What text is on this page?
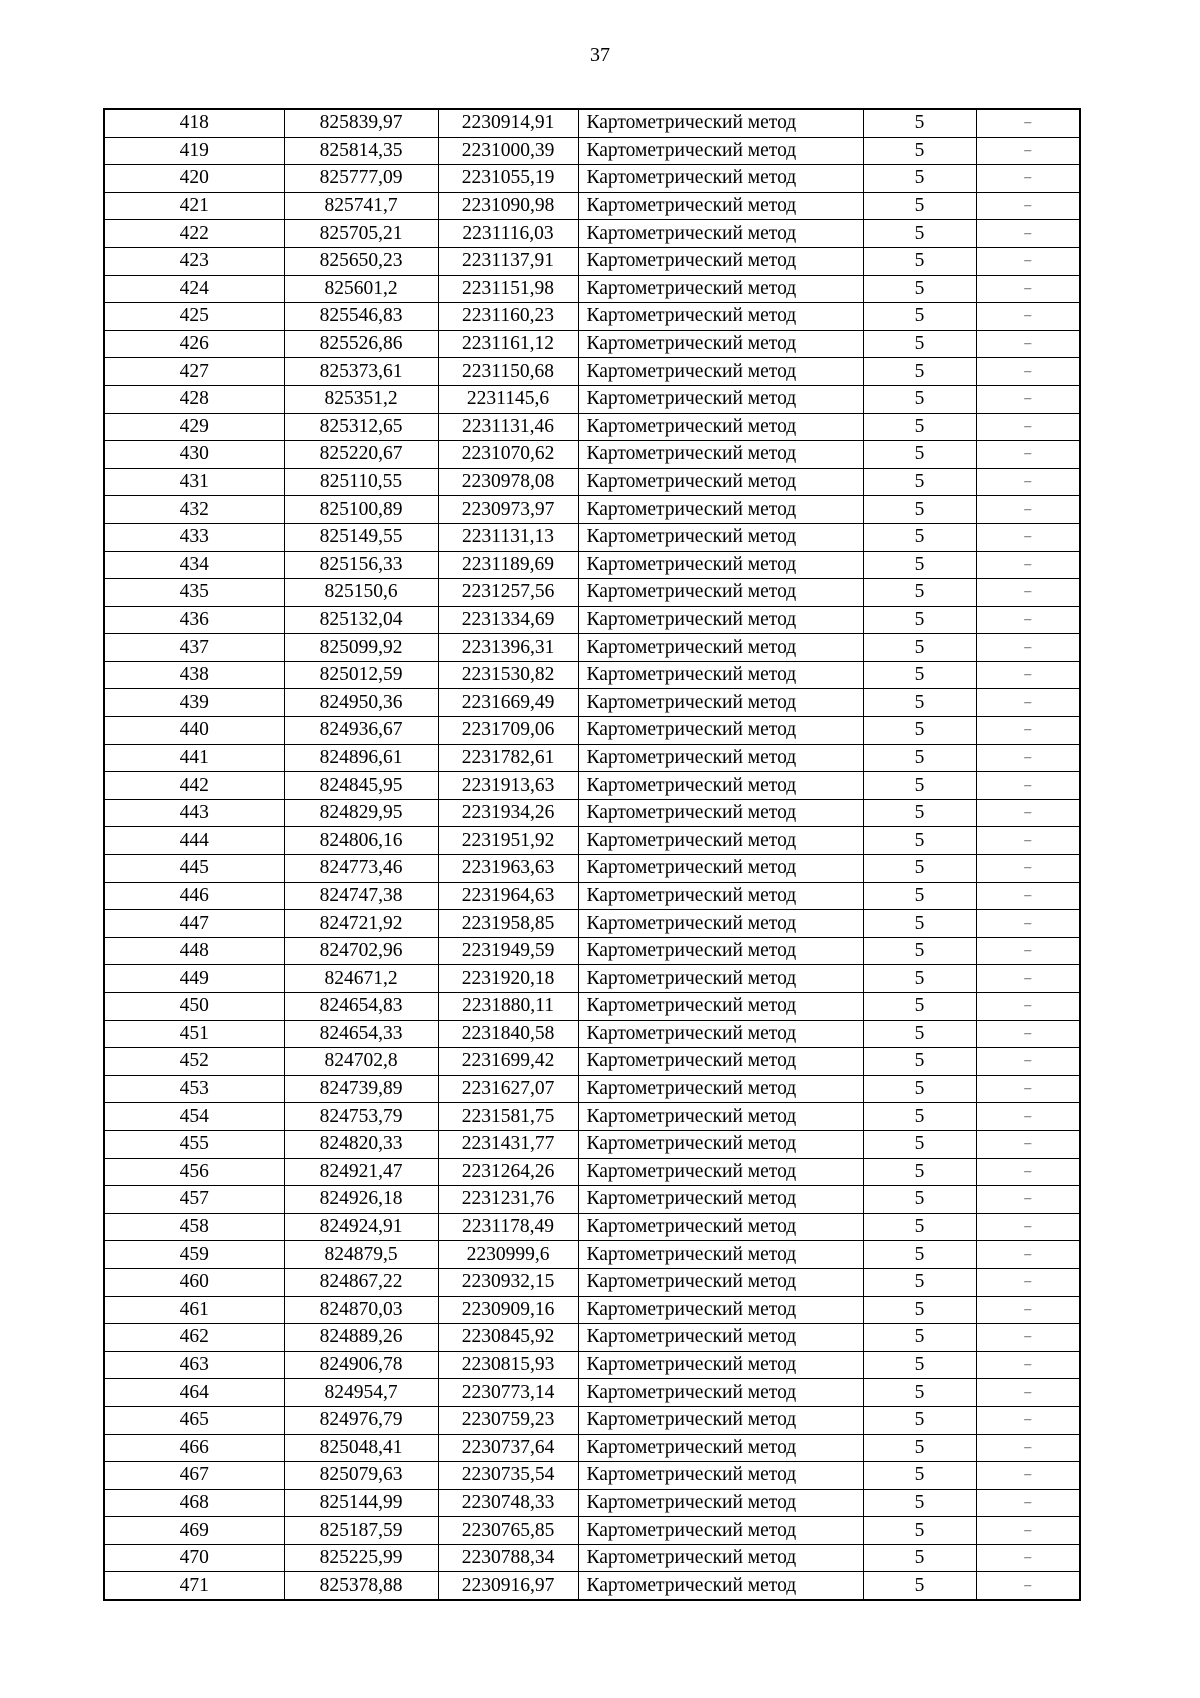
37
418	825839,97	2230914,91	Картометрический метод	5	–
419	825814,35	2231000,39	Картометрический метод	5	–
420	825777,09	2231055,19	Картометрический метод	5	–
421	825741,7	2231090,98	Картометрический метод	5	–
422	825705,21	2231116,03	Картометрический метод	5	–
423	825650,23	2231137,91	Картометрический метод	5	–
424	825601,2	2231151,98	Картометрический метод	5	–
425	825546,83	2231160,23	Картометрический метод	5	–
426	825526,86	2231161,12	Картометрический метод	5	–
427	825373,61	2231150,68	Картометрический метод	5	–
428	825351,2	2231145,6	Картометрический метод	5	–
429	825312,65	2231131,46	Картометрический метод	5	–
430	825220,67	2231070,62	Картометрический метод	5	–
431	825110,55	2230978,08	Картометрический метод	5	–
432	825100,89	2230973,97	Картометрический метод	5	–
433	825149,55	2231131,13	Картометрический метод	5	–
434	825156,33	2231189,69	Картометрический метод	5	–
435	825150,6	2231257,56	Картометрический метод	5	–
436	825132,04	2231334,69	Картометрический метод	5	–
437	825099,92	2231396,31	Картометрический метод	5	–
438	825012,59	2231530,82	Картометрический метод	5	–
439	824950,36	2231669,49	Картометрический метод	5	–
440	824936,67	2231709,06	Картометрический метод	5	–
441	824896,61	2231782,61	Картометрический метод	5	–
442	824845,95	2231913,63	Картометрический метод	5	–
443	824829,95	2231934,26	Картометрический метод	5	–
444	824806,16	2231951,92	Картометрический метод	5	–
445	824773,46	2231963,63	Картометрический метод	5	–
446	824747,38	2231964,63	Картометрический метод	5	–
447	824721,92	2231958,85	Картометрический метод	5	–
448	824702,96	2231949,59	Картометрический метод	5	–
449	824671,2	2231920,18	Картометрический метод	5	–
450	824654,83	2231880,11	Картометрический метод	5	–
451	824654,33	2231840,58	Картометрический метод	5	–
452	824702,8	2231699,42	Картометрический метод	5	–
453	824739,89	2231627,07	Картометрический метод	5	–
454	824753,79	2231581,75	Картометрический метод	5	–
455	824820,33	2231431,77	Картометрический метод	5	–
456	824921,47	2231264,26	Картометрический метод	5	–
457	824926,18	2231231,76	Картометрический метод	5	–
458	824924,91	2231178,49	Картометрический метод	5	–
459	824879,5	2230999,6	Картометрический метод	5	–
460	824867,22	2230932,15	Картометрический метод	5	–
461	824870,03	2230909,16	Картометрический метод	5	–
462	824889,26	2230845,92	Картометрический метод	5	–
463	824906,78	2230815,93	Картометрический метод	5	–
464	824954,7	2230773,14	Картометрический метод	5	–
465	824976,79	2230759,23	Картометрический метод	5	–
466	825048,41	2230737,64	Картометрический метод	5	–
467	825079,63	2230735,54	Картометрический метод	5	–
468	825144,99	2230748,33	Картометрический метод	5	–
469	825187,59	2230765,85	Картометрический метод	5	–
470	825225,99	2230788,34	Картометрический метод	5	–
471	825378,88	2230916,97	Картометрический метод	5	–
